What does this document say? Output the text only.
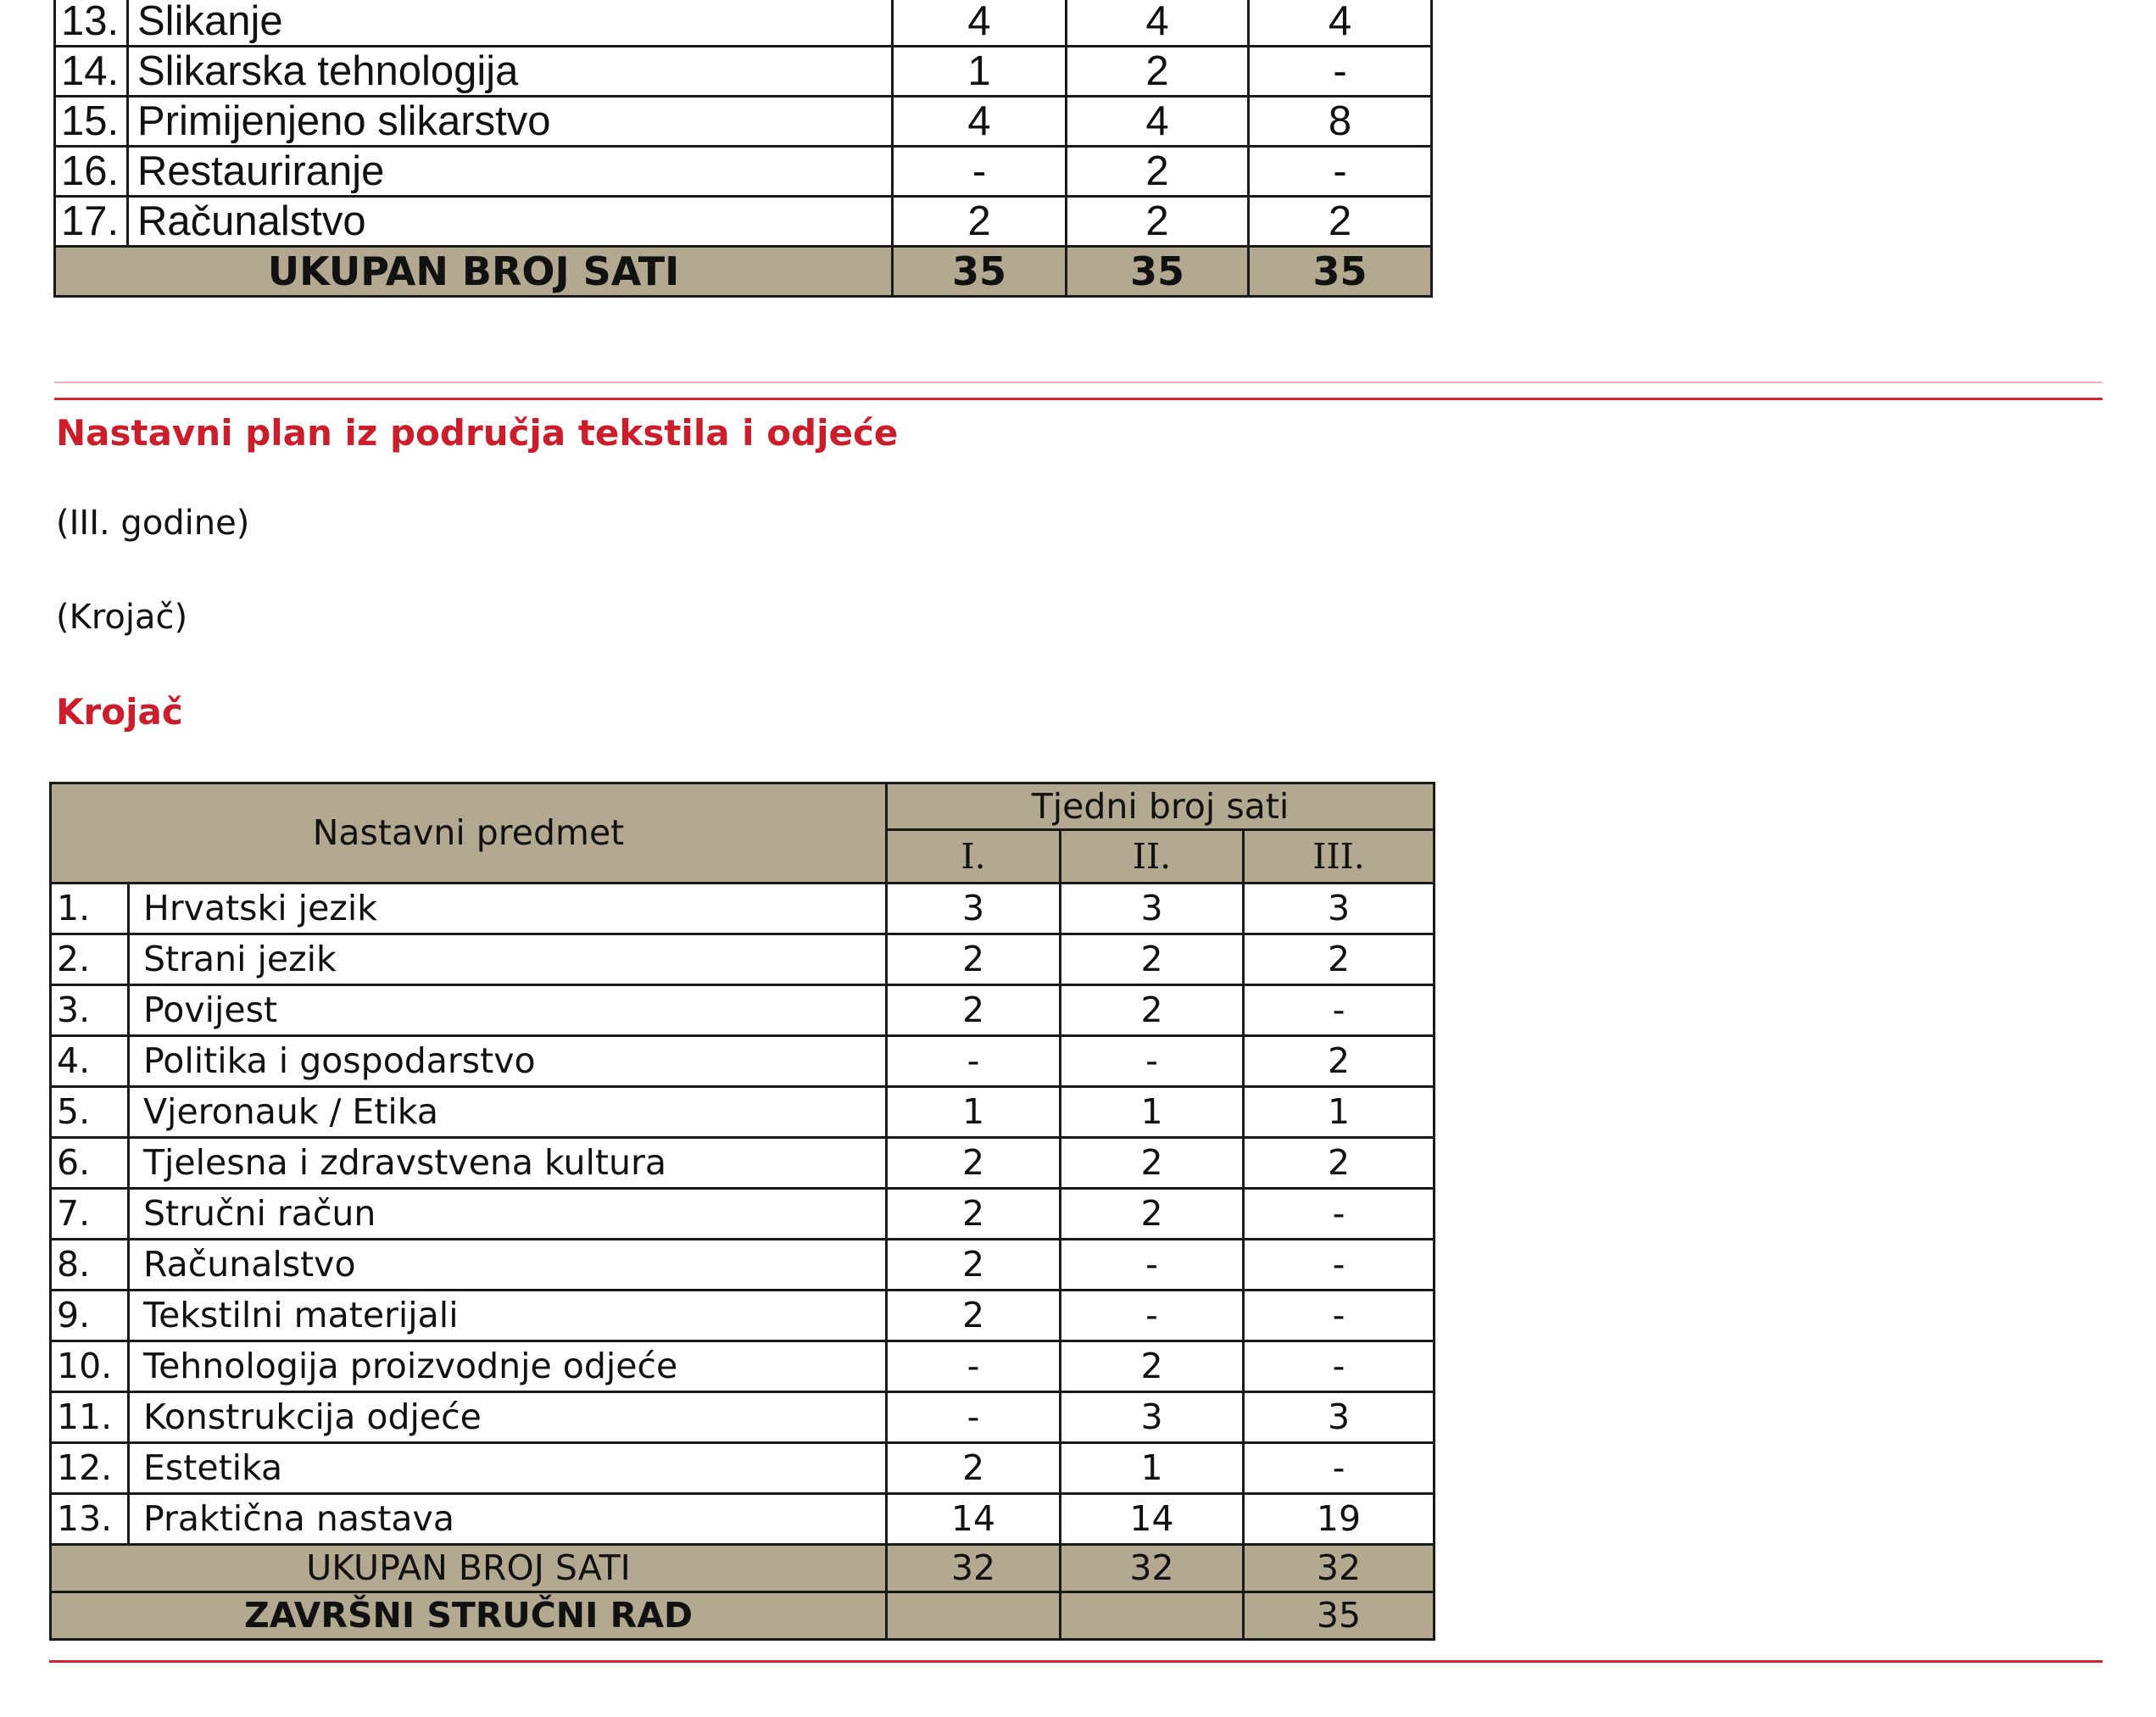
13.	Slikanje	4	4	4
14.	Slikarska tehnologija	1	2	-
15.	Primijenjeno slikarstvo	4	4	8
16.	Restauriranje	-	2	-
17.	Računalstvo	2	2	2
UKUPAN BROJ SATI		35	35	35
Nastavni plan iz područja tekstila i odjeće

(III. godine)

(Krojač)

Krojač
Nastavni predmet		Tjedni broj sati		
		I.	II.	III.
1.	Hrvatski jezik	3	3	3
2.	Strani jezik	2	2	2
3.	Povijest	2	2	-
4.	Politika i gospodarstvo	-	-	2
5.	Vjeronauk / Etika	1	1	1
6.	Tjelesna i zdravstvena kultura	2	2	2
7.	Stručni račun	2	2	-
8.	Računalstvo	2	-	-
9.	Tekstilni materijali	2	-	-
10.	Tehnologija proizvodnje odjeće	-	2	-
11.	Konstrukcija odjeće	-	3	3
12.	Estetika	2	1	-
13.	Praktična nastava	14	14	19
UKUPAN BROJ SATI		32	32	32
ZAVRŠNI STRUČNI RAD				35
